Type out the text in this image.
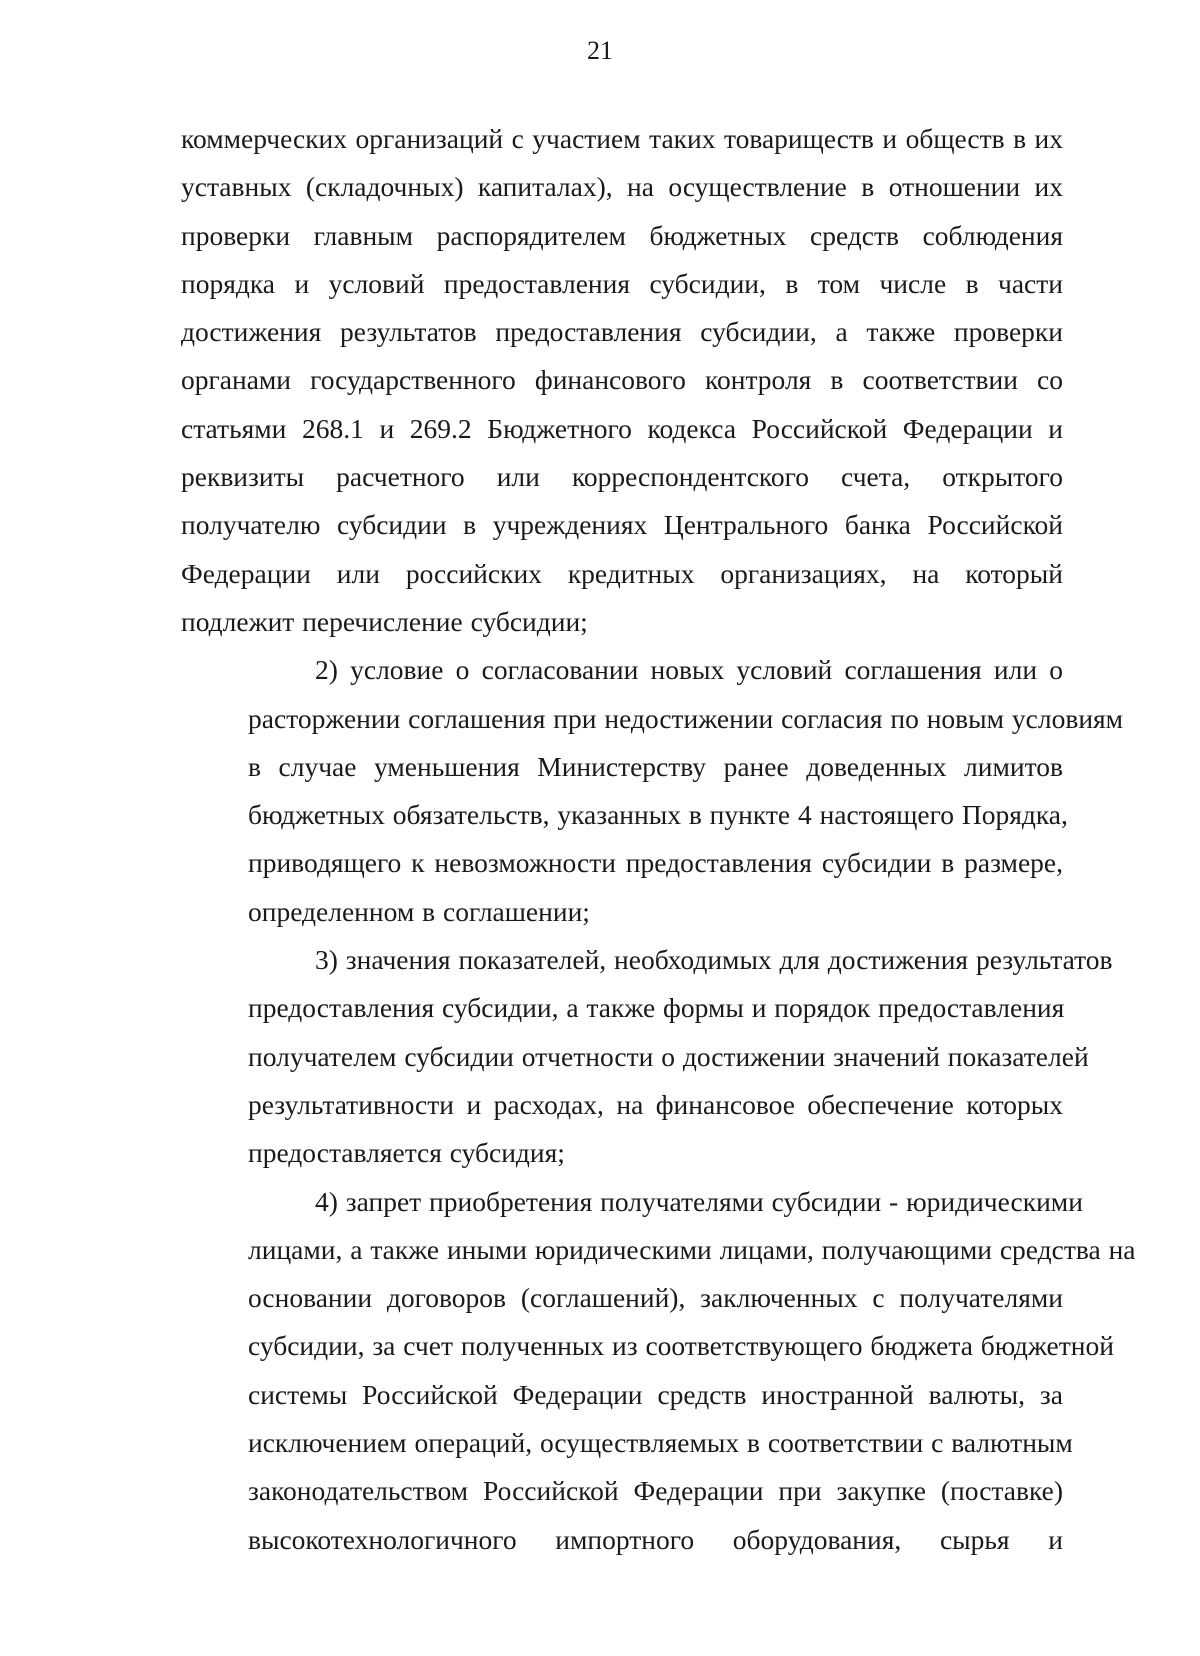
21
коммерческих организаций с участием таких товариществ и обществ в их
уставных (складочных) капиталах), на осуществление в отношении их
проверки главным распорядителем бюджетных средств соблюдения
порядка и условий предоставления субсидии, в том числе в части
достижения результатов предоставления субсидии, а также проверки
органами государственного финансового контроля в соответствии со
статьями 268.1 и 269.2 Бюджетного кодекса Российской Федерации и
реквизиты расчетного или корреспондентского счета, открытого
получателю субсидии в учреждениях Центрального банка Российской
Федерации или российских кредитных организациях, на который
подлежит перечисление субсидии;
2) условие о согласовании новых условий соглашения или о
расторжении соглашения при недостижении согласия по новым условиям
в случае уменьшения Министерству ранее доведенных лимитов
бюджетных обязательств, указанных в пункте 4 настоящего Порядка,
приводящего к невозможности предоставления субсидии в размере,
определенном в соглашении;
3) значения показателей, необходимых для достижения результатов
предоставления субсидии, а также формы и порядок предоставления
получателем субсидии отчетности о достижении значений показателей
результативности и расходах, на финансовое обеспечение которых
предоставляется субсидия;
4) запрет приобретения получателями субсидии - юридическими
лицами, а также иными юридическими лицами, получающими средства на
основании договоров (соглашений), заключенных с получателями
субсидии, за счет полученных из соответствующего бюджета бюджетной
системы Российской Федерации средств иностранной валюты, за
исключением операций, осуществляемых в соответствии с валютным
законодательством Российской Федерации при закупке (поставке)
высокотехнологичного импортного оборудования, сырья и
